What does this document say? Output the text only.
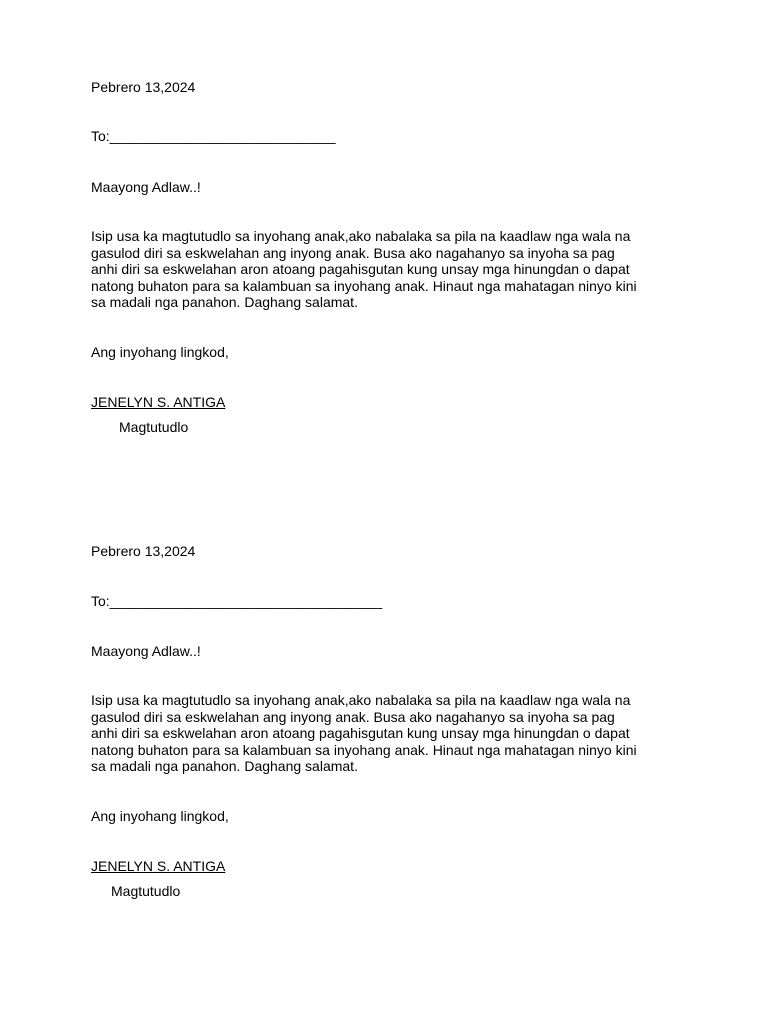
Pebrero 13,2024
To:_____________________________
Maayong Adlaw..!
Isip usa ka magtutudlo sa inyohang anak,ako nabalaka sa pila na kaadlaw nga wala na
gasulod diri sa eskwelahan ang inyong anak. Busa ako nagahanyo sa inyoha sa pag
anhi diri sa eskwelahan aron atoang pagahisgutan kung unsay mga hinungdan o dapat
natong buhaton para sa kalambuan sa inyohang anak. Hinaut nga mahatagan ninyo kini
sa madali nga panahon. Daghang salamat.
Ang inyohang lingkod,
JENELYN S. ANTIGA
Magtutudlo
Pebrero 13,2024
To:___________________________________
Maayong Adlaw..!
Isip usa ka magtutudlo sa inyohang anak,ako nabalaka sa pila na kaadlaw nga wala na
gasulod diri sa eskwelahan ang inyong anak. Busa ako nagahanyo sa inyoha sa pag
anhi diri sa eskwelahan aron atoang pagahisgutan kung unsay mga hinungdan o dapat
natong buhaton para sa kalambuan sa inyohang anak. Hinaut nga mahatagan ninyo kini
sa madali nga panahon. Daghang salamat.
Ang inyohang lingkod,
JENELYN S. ANTIGA
Magtutudlo
